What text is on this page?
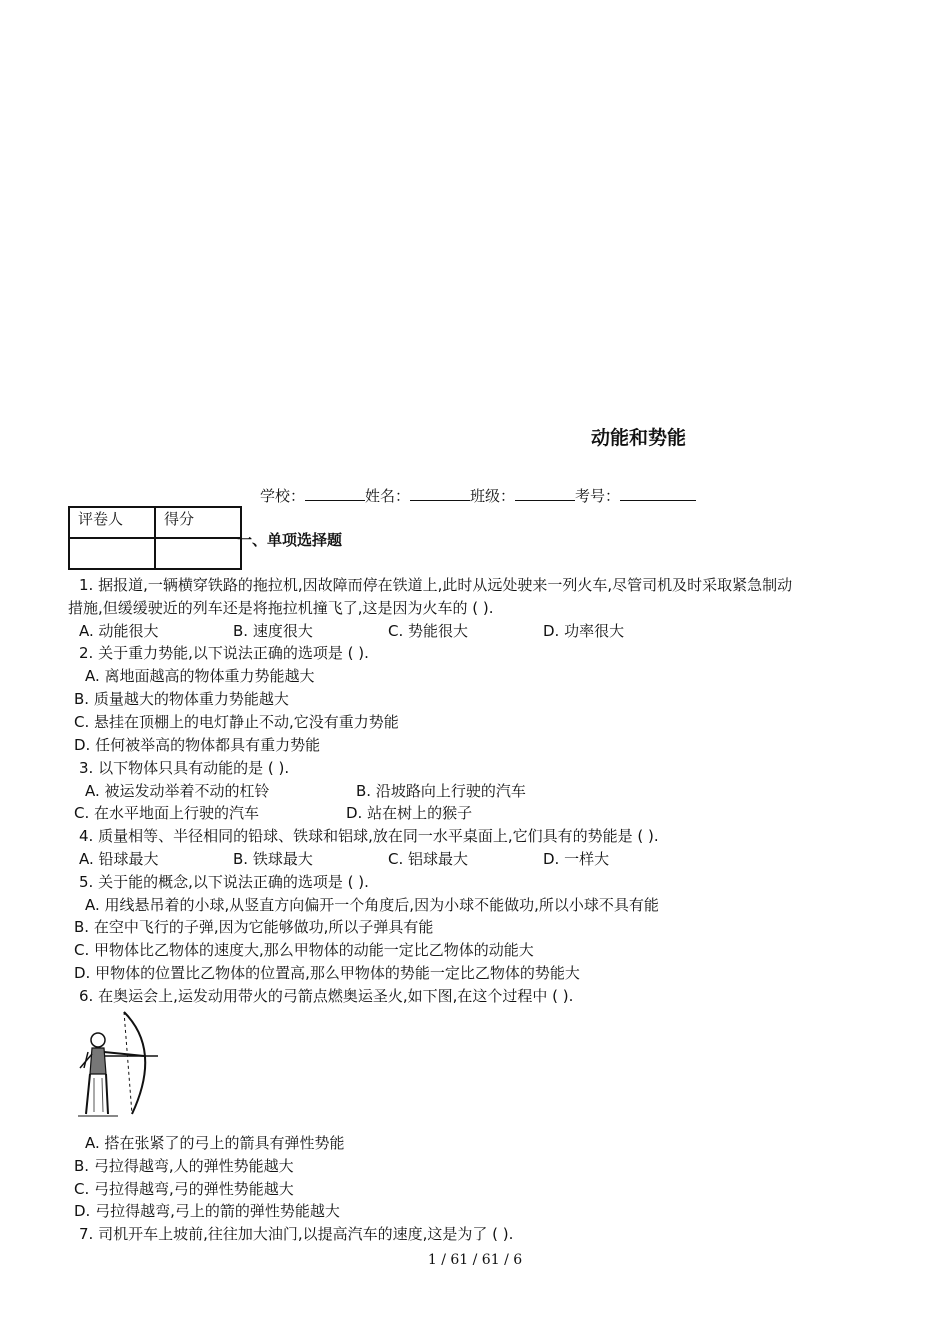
动能和势能
学校：	姓名：	班级：	考号：
评卷人	得分

一、单项选择题
1. 据报道,一辆横穿铁路的拖拉机,因故障而停在铁道上,此时从远处驶来一列火车,尽管司机及时采取紧急制动
措施,但缓缓驶近的列车还是将拖拉机撞飞了,这是因为火车的 ( ).
A. 动能很大	B. 速度很大	C. 势能很大	D. 功率很大
2. 关于重力势能,以下说法正确的选项是 ( ).
A. 离地面越高的物体重力势能越大
B. 质量越大的物体重力势能越大
C. 悬挂在顶棚上的电灯静止不动,它没有重力势能
D. 任何被举高的物体都具有重力势能
3. 以下物体只具有动能的是 ( ).
A. 被运发动举着不动的杠铃	B. 沿坡路向上行驶的汽车
C. 在水平地面上行驶的汽车	D. 站在树上的猴子
4. 质量相等、半径相同的铅球、铁球和铝球,放在同一水平桌面上,它们具有的势能是 ( ).
A. 铅球最大	B. 铁球最大	C. 铝球最大	D. 一样大
5. 关于能的概念,以下说法正确的选项是 ( ).
A. 用线悬吊着的小球,从竖直方向偏开一个角度后,因为小球不能做功,所以小球不具有能
B. 在空中飞行的子弹,因为它能够做功,所以子弹具有能
C. 甲物体比乙物体的速度大,那么甲物体的动能一定比乙物体的动能大
D. 甲物体的位置比乙物体的位置高,那么甲物体的势能一定比乙物体的势能大
6. 在奥运会上,运发动用带火的弓箭点燃奥运圣火,如下图,在这个过程中 ( ).
A. 搭在张紧了的弓上的箭具有弹性势能
B. 弓拉得越弯,人的弹性势能越大
C. 弓拉得越弯,弓的弹性势能越大
D. 弓拉得越弯,弓上的箭的弹性势能越大
7. 司机开车上坡前,往往加大油门,以提高汽车的速度,这是为了 ( ).
1 / 61 / 61 / 6
